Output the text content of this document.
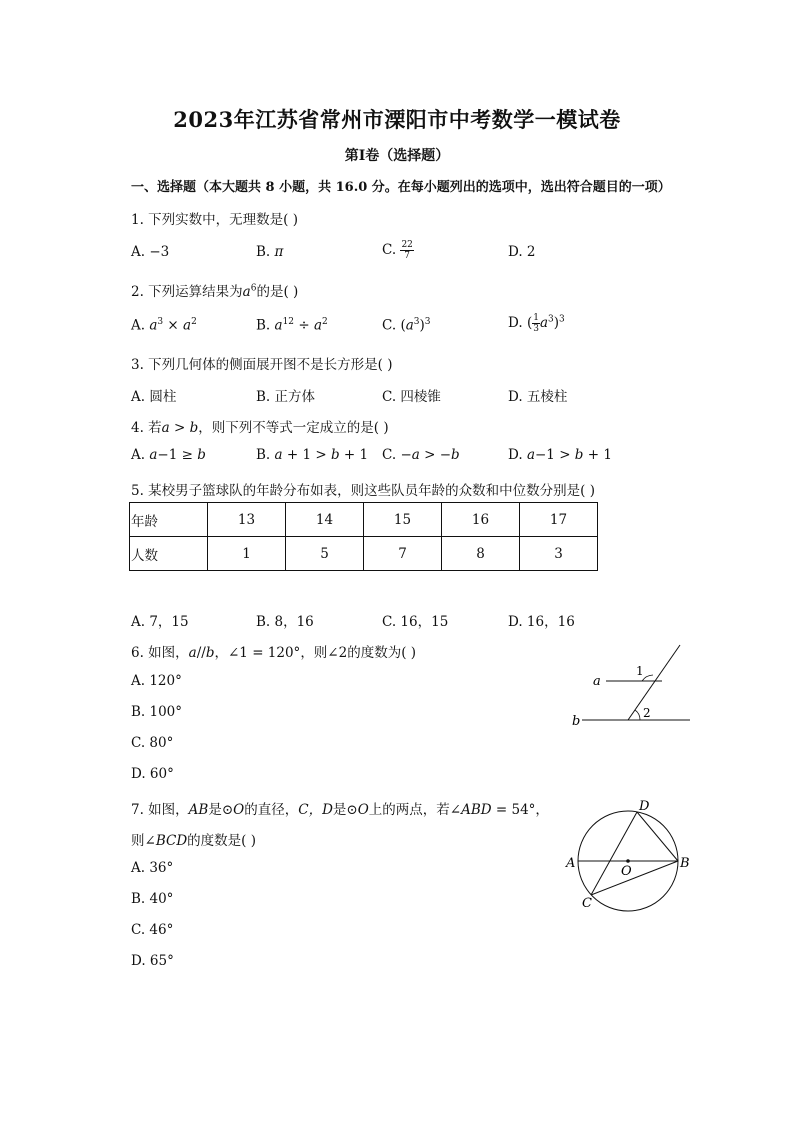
2023年江苏省常州市溧阳市中考数学一模试卷
第I卷（选择题）
一、选择题（本大题共 8 小题，共 16.0 分。在每小题列出的选项中，选出符合题目的一项）
1. 下列实数中，无理数是( )
A. −3	B. π	C. $\frac{22}{7}$	D. 2
2. 下列运算结果为$a^6$的是( )
A. $a^3 \times a^2$	B. $a^{12} \div a^2$	C. $(a^3)^3$	D. ( $\frac{1}{3} a^3)^3$
3. 下列几何体的侧面展开图不是长方形是( )
A. 圆柱	B. 正方体	C. 四棱锥	D. 五棱柱
4. 若a > b，则下列不等式一定成立的是( )
A. a−1 ≥ b	B. a + 1 > b + 1 C. −a > −b	D. a−1 > b + 1
5. 某校男子篮球队的年龄分布如表，则这些队员年龄的众数和中位数分别是( )
年龄	13	14	15	16	17
人数	1	5	7	8	3
A. 7，15	B. 8，16	C. 16，15	D. 16，16
6. 如图，a//b，∠1 = 120°，则∠2的度数为( )
A. 120°
B. 100°
C. 80°
D. 60°
a
b
1
2
7. 如图，AB是⊙O的直径，C，D是⊙O上的两点，若∠ABD = 54°，
则∠BCD的度数是( )
A. 36°
B. 40°
C. 46°
D. 65°
D
A	B
C
O
